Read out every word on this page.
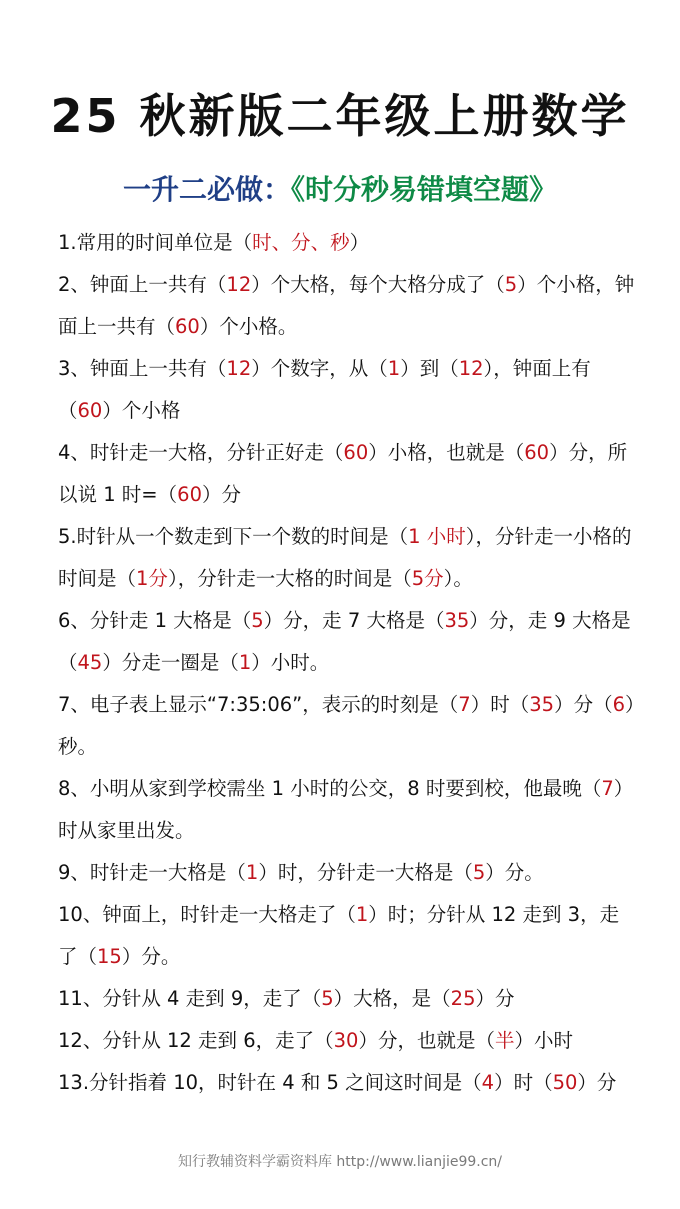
25 秋新版二年级上册数学
一升二必做：《时分秒易错填空题》

1.常用的时间单位是（时、分、秒）

2、钟面上一共有（12）个大格，每个大格分成了（5）个小格，钟面上一共有（60）个小格。

3、钟面上一共有（12）个数字，从（1）到（12），钟面上有（60）个小格

4、时针走一大格，分针正好走（60）小格，也就是（60）分，所以说 1 时=（60）分

5.时针从一个数走到下一个数的时间是（1 小时），分针走一小格的时间是（1分），分针走一大格的时间是（5分）。

6、分针走 1 大格是（5）分，走 7 大格是（35）分，走 9 大格是（45）分走一圈是（1）小时。

7、电子表上显示“7:35:06”，表示的时刻是（7）时（35）分（6）秒。

8、小明从家到学校需坐 1 小时的公交，8 时要到校，他最晚（7）时从家里出发。

9、时针走一大格是（1）时，分针走一大格是（5）分。

10、钟面上，时针走一大格走了（1）时；分针从 12 走到 3，走了（15）分。

11、分针从 4 走到 9，走了（5）大格，是（25）分

12、分针从 12 走到 6，走了（30）分，也就是（半）小时

13.分针指着 10，时针在 4 和 5 之间这时间是（4）时（50）分

知行教辅资料学霸资料库 http://www.lianjie99.cn/
